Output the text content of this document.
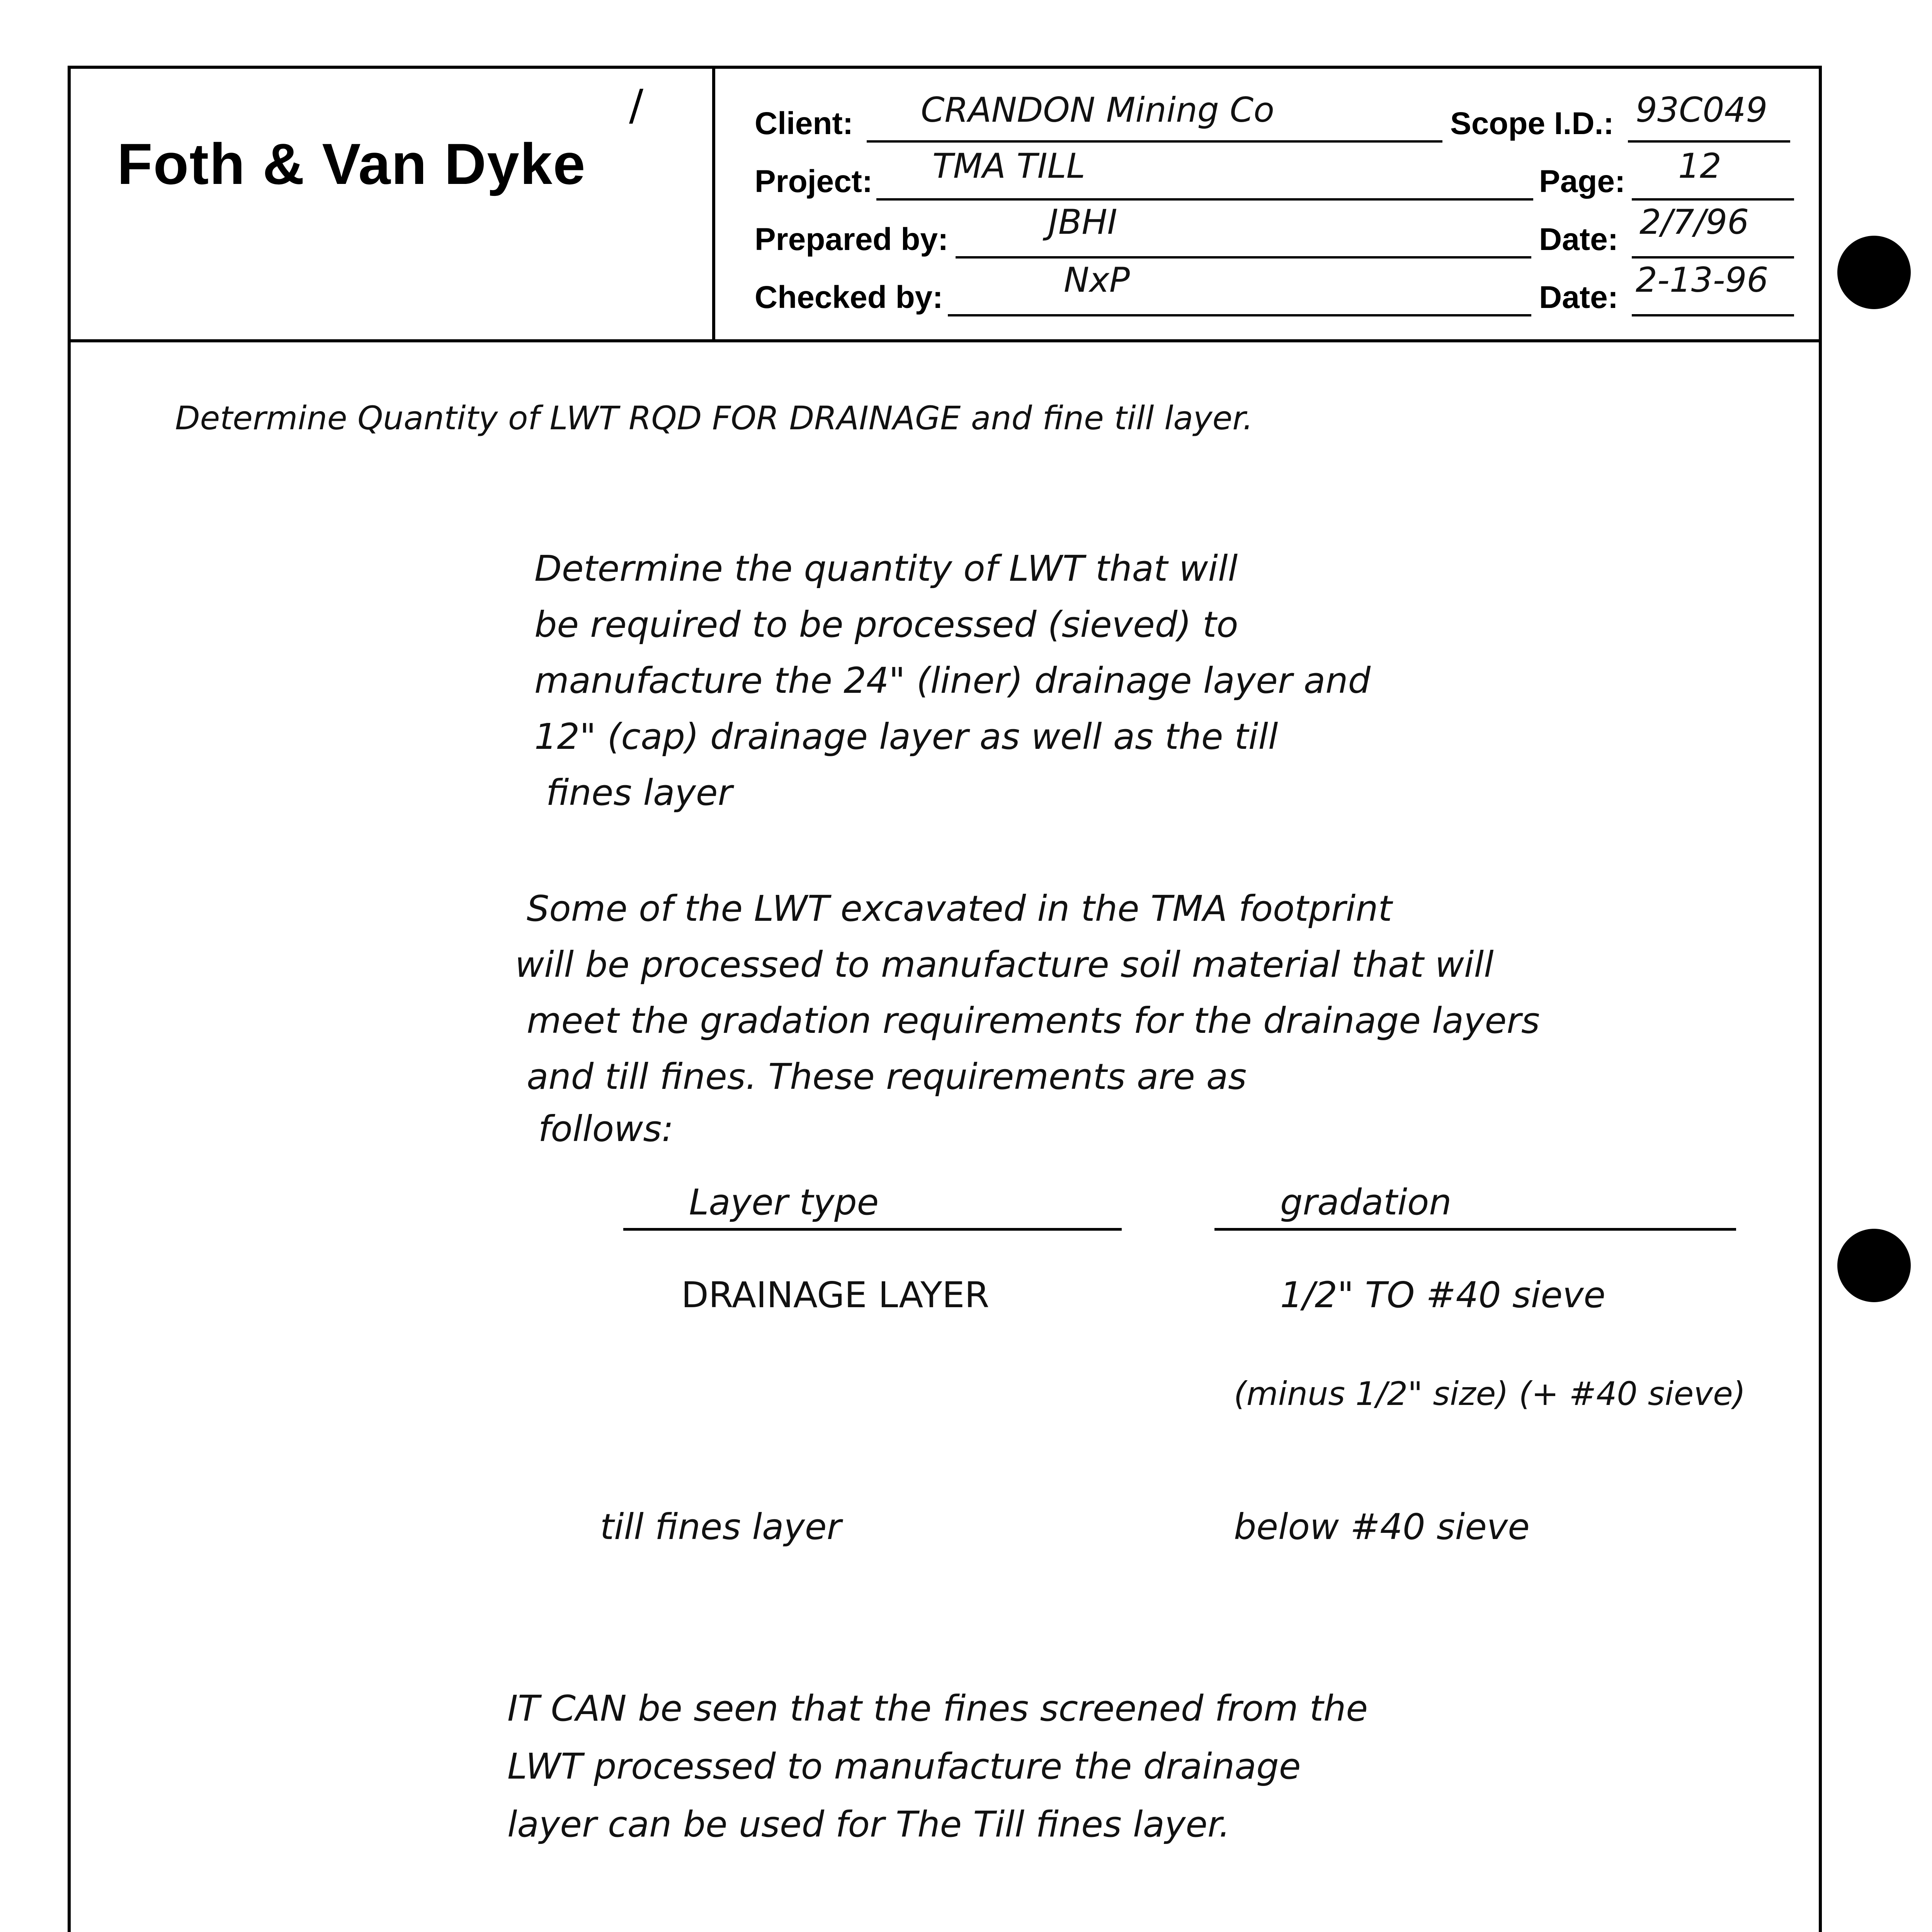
Foth & Van Dyke
/	Client: CRANDON Mining Co	Scope I.D.: 93C049
Project: TMA TILL	Page: 12
Prepared by:	JBHI	Date: 2/7/96
Checked by:	NxP	Date: 2-13-96
Determine Quantity of LWT RQD FOR DRAINAGE and fine till layer.
Determine the quantity of LWT that will
be required to be processed (sieved) to
manufacture the 24" (liner) drainage layer and
12" (cap) drainage layer as well as the till
fines layer
Some of the LWT excavated in the TMA footprint
will be processed to manufacture soil material that will
meet the gradation requirements for the drainage layers
and till fines. These requirements are as
follows:
Layer type	gradation
DRAINAGE LAYER	1/2" TO #40 sieve
(minus 1/2" size) (+ #40 sieve)
till fines layer	below #40 sieve
IT CAN be seen that the fines screened from the
LWT processed to manufacture the drainage
layer can be used for The Till fines layer.
